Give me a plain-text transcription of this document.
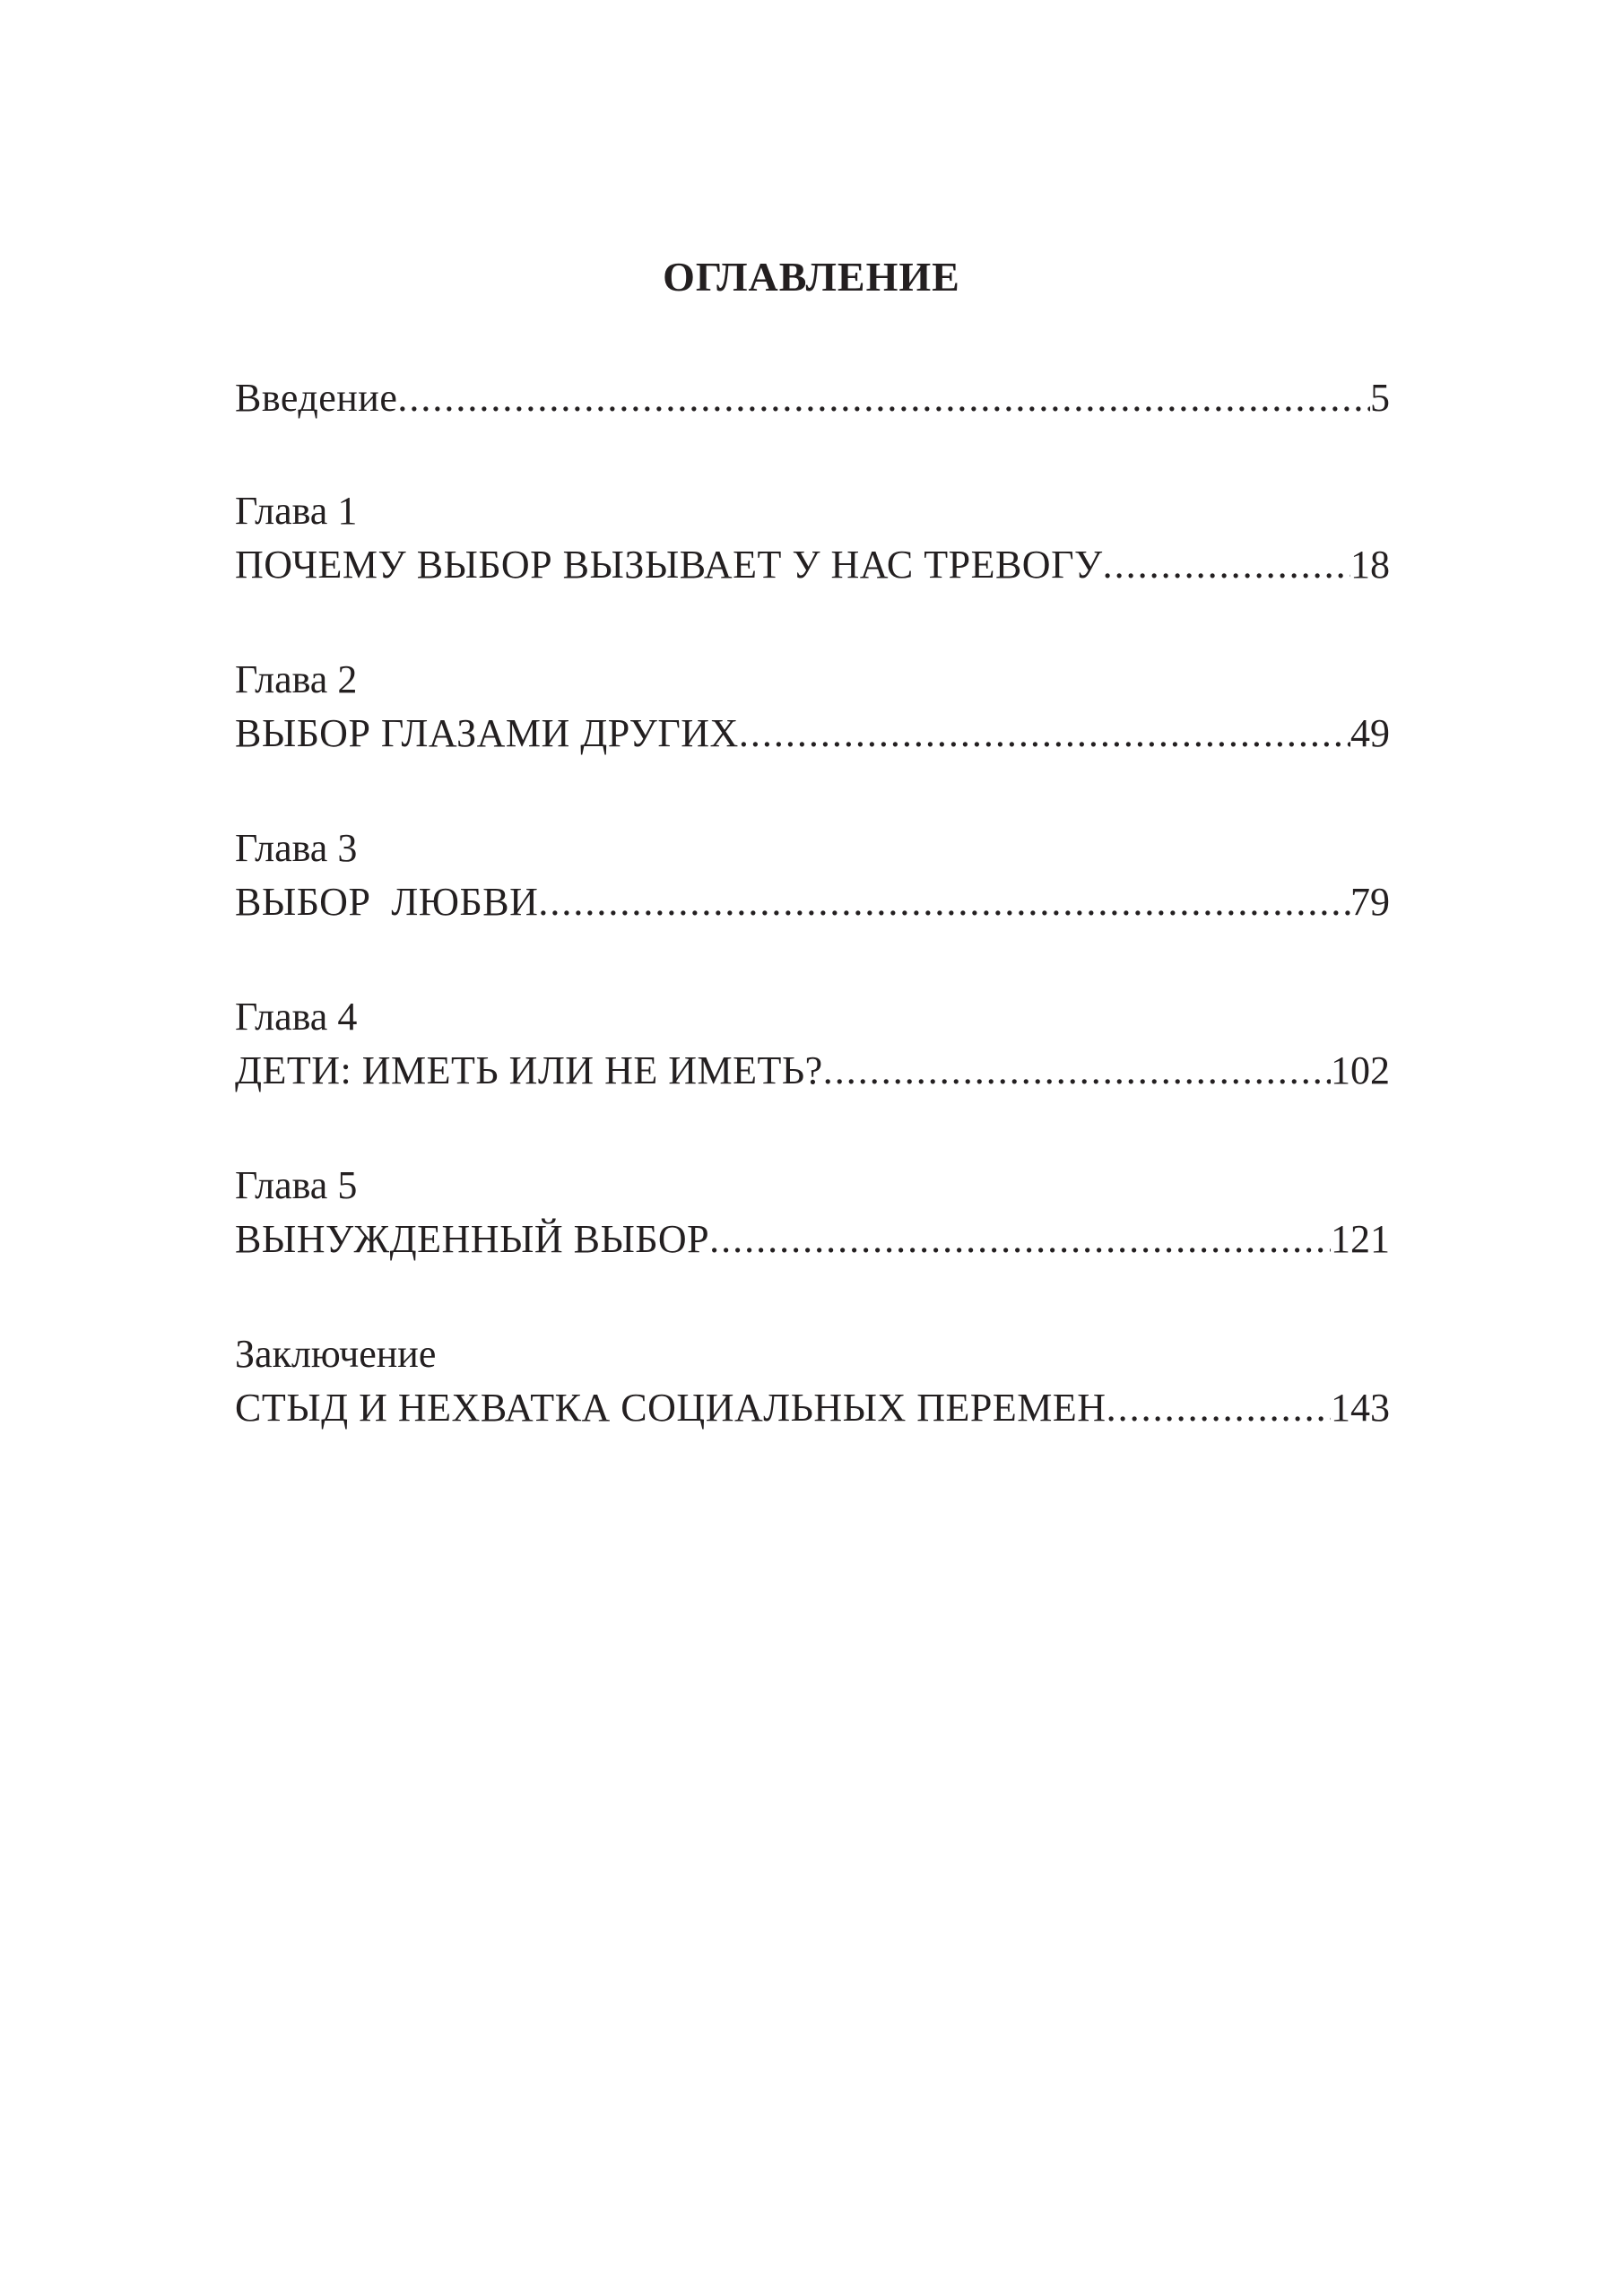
ОГЛАВЛЕНИЕ
Введение .....	5
Глава 1
ПОЧЕМУ ВЫБОР ВЫЗЫВАЕТ У НАС ТРЕВОГУ .....	18
Глава 2
ВЫБОР ГЛАЗАМИ ДРУГИХ .....	49
Глава 3
ВЫБОР  ЛЮБВИ .....	79
Глава 4
ДЕТИ: ИМЕТЬ ИЛИ НЕ ИМЕТЬ? .....	102
Глава 5
ВЫНУЖДЕННЫЙ ВЫБОР .....	121
Заключение
СТЫД И НЕХВАТКА СОЦИАЛЬНЫХ ПЕРЕМЕН .....	143
